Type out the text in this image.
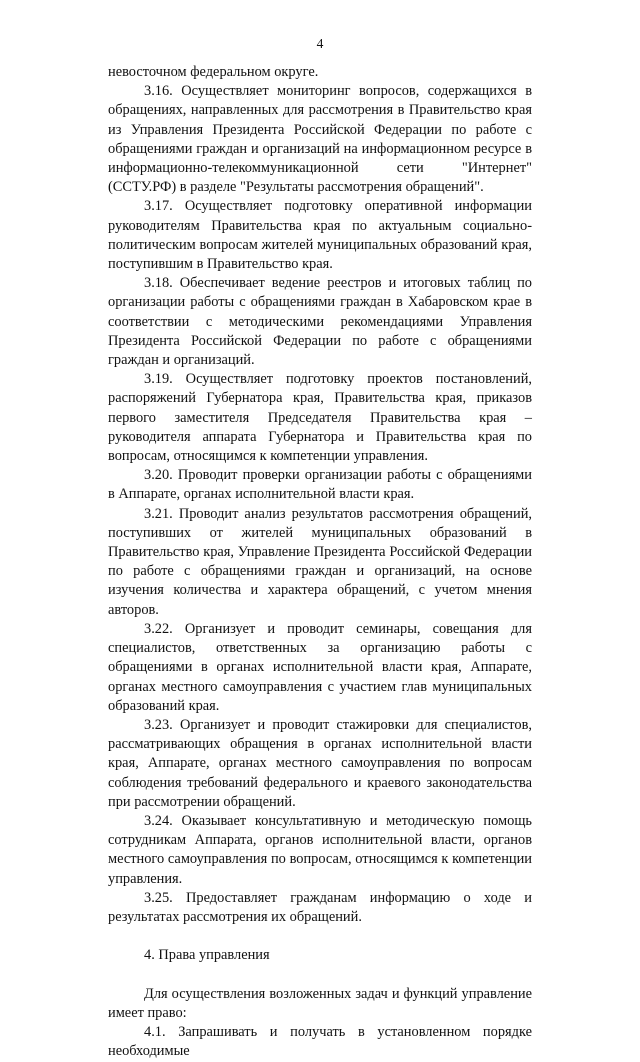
4

невосточном федеральном округе.

3.16. Осуществляет мониторинг вопросов, содержащихся в обращениях, направленных для рассмотрения в Правительство края из Управления Президента Российской Федерации по работе с обращениями граждан и организаций на информационном ресурсе в информационно-телекоммуникационной сети "Интернет" (ССТУ.РФ) в разделе "Результаты рассмотрения обращений".

3.17. Осуществляет подготовку оперативной информации руководителям Правительства края по актуальным социально-политическим вопросам жителей муниципальных образований края, поступившим в Правительство края.

3.18. Обеспечивает ведение реестров и итоговых таблиц по организации работы с обращениями граждан в Хабаровском крае в соответствии с методическими рекомендациями Управления Президента Российской Федерации по работе с обращениями граждан и организаций.

3.19. Осуществляет подготовку проектов постановлений, распоряжений Губернатора края, Правительства края, приказов первого заместителя Председателя Правительства края – руководителя аппарата Губернатора и Правительства края по вопросам, относящимся к компетенции управления.

3.20. Проводит проверки организации работы с обращениями в Аппарате, органах исполнительной власти края.

3.21. Проводит анализ результатов рассмотрения обращений, поступивших от жителей муниципальных образований в Правительство края, Управление Президента Российской Федерации по работе с обращениями граждан и организаций, на основе изучения количества и характера обращений, с учетом мнения авторов.

3.22. Организует и проводит семинары, совещания для специалистов, ответственных за организацию работы с обращениями в органах исполнительной власти края, Аппарате, органах местного самоуправления с участием глав муниципальных образований края.

3.23. Организует и проводит стажировки для специалистов, рассматривающих обращения в органах исполнительной власти края, Аппарате, органах местного самоуправления по вопросам соблюдения требований федерального и краевого законодательства при рассмотрении обращений.

3.24. Оказывает консультативную и методическую помощь сотрудникам Аппарата, органов исполнительной власти, органов местного самоуправления по вопросам, относящимся к компетенции управления.

3.25. Предоставляет гражданам информацию о ходе и результатах рассмотрения их обращений.

4. Права управления

Для осуществления возложенных задач и функций управление имеет право:

4.1. Запрашивать и получать в установленном порядке необходимые
